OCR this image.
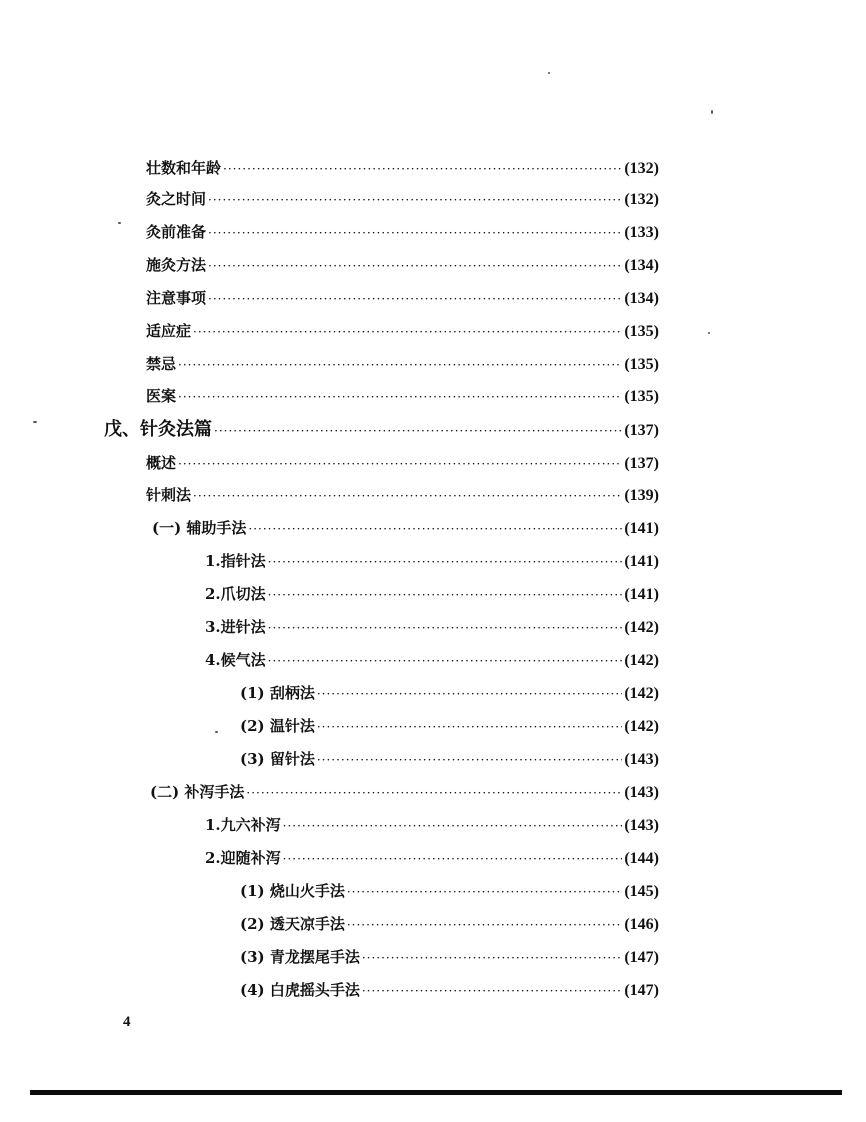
壮数和年龄 ·····	(132)
灸之时间 ·····	(132)
灸前准备 ·····	(133)
施灸方法 ·····	(134)
注意事项 ·····	(134)
适应症 ·····	(135)
禁忌 ·····	(135)
医案 ·····	(135)
戊、针灸法篇 ·····	(137)
概述 ·····	(137)
针刺法 ·····	(139)
(一) 辅助手法 ·····	(141)
1.指针法 ·····	(141)
2.爪切法 ·····	(141)
3.进针法 ·····	(142)
4.候气法 ·····	(142)
(1) 刮柄法 ·····	(142)
(2) 温针法 ·····	(142)
(3) 留针法 ·····	(143)
(二) 补泻手法 ·····	(143)
1.九六补泻 ·····	(143)
2.迎随补泻 ·····	(144)
(1) 烧山火手法 ·····	(145)
(2) 透天凉手法 ·····	(146)
(3) 青龙摆尾手法 ·····	(147)
(4) 白虎摇头手法 ·····	(147)
4
